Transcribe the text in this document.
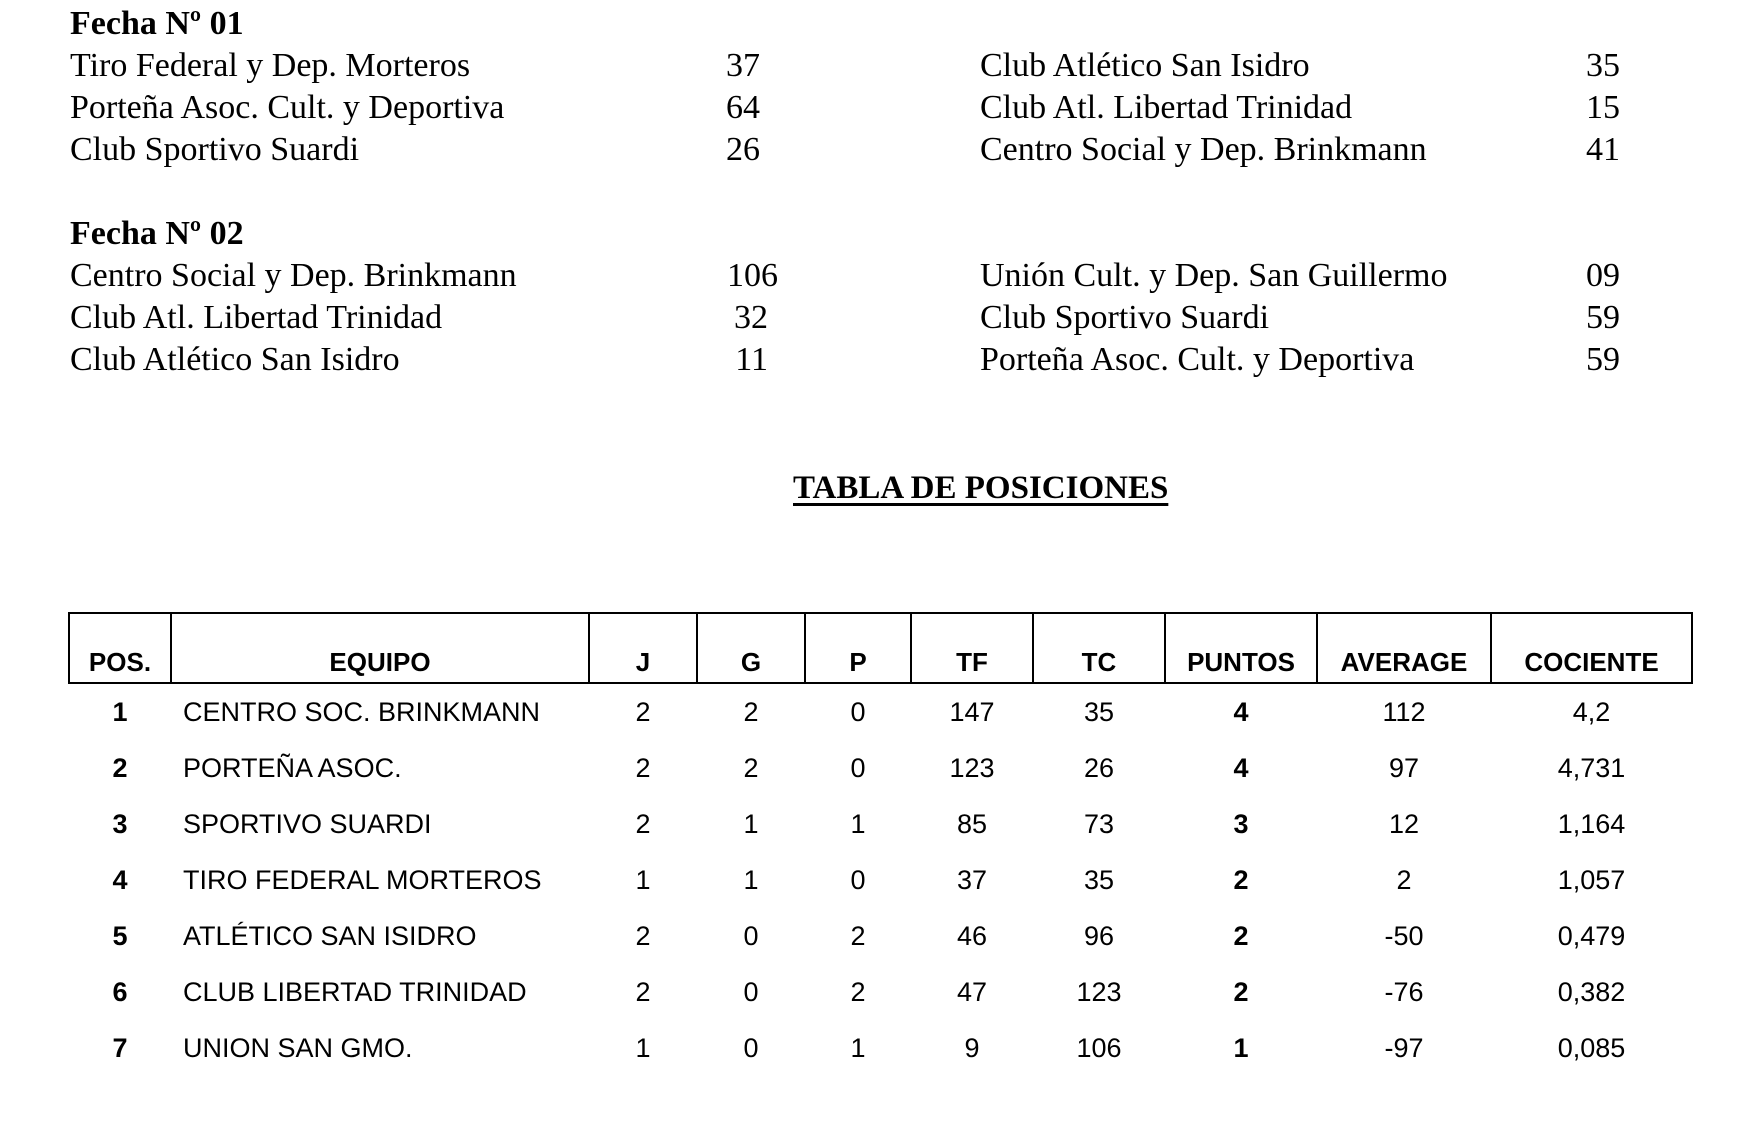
Fecha Nº 01
Tiro Federal y Dep. Morteros	37	Club Atlético San Isidro	35
Porteña Asoc. Cult. y Deportiva	64	Club Atl. Libertad Trinidad	15
Club Sportivo Suardi	26	Centro Social y Dep. Brinkmann	41
Fecha Nº 02
Centro Social y Dep. Brinkmann	106	Unión Cult. y Dep. San Guillermo	09
Club Atl. Libertad Trinidad	32	Club Sportivo Suardi	59
Club Atlético San Isidro	11	Porteña Asoc. Cult. y Deportiva	59
TABLA DE POSICIONES
POS.	EQUIPO	J	G	P	TF	TC	PUNTOS	AVERAGE	COCIENTE
1	CENTRO SOC. BRINKMANN	2	2	0	147	35	4	112	4,2
2	PORTEÑA ASOC.	2	2	0	123	26	4	97	4,731
3	SPORTIVO SUARDI	2	1	1	85	73	3	12	1,164
4	TIRO FEDERAL MORTEROS	1	1	0	37	35	2	2	1,057
5	ATLÉTICO SAN ISIDRO	2	0	2	46	96	2	-50	0,479
6	CLUB LIBERTAD TRINIDAD	2	0	2	47	123	2	-76	0,382
7	UNION SAN GMO.	1	0	1	9	106	1	-97	0,085
